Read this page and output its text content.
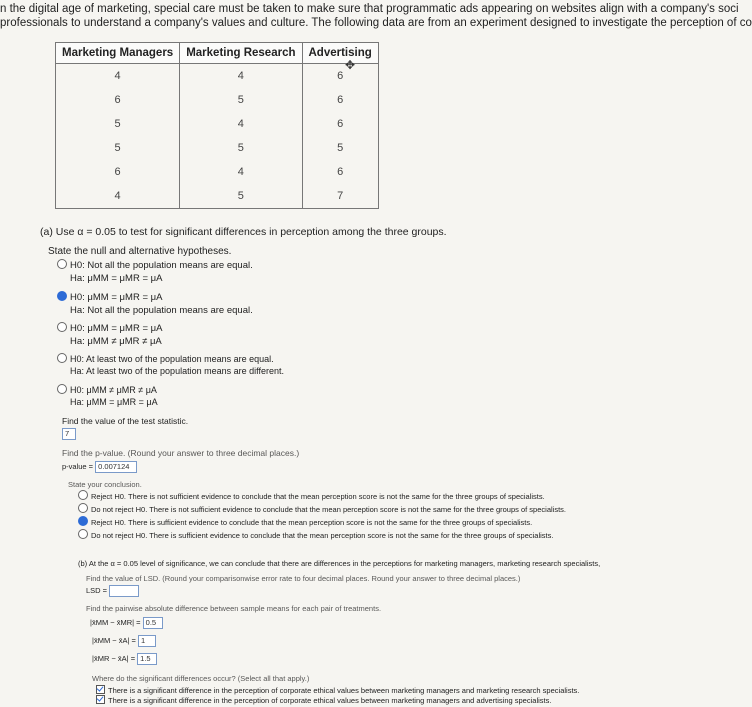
n the digital age of marketing, special care must be taken to make sure that programmatic ads appearing on websites align with a company's soci
professionals to understand a company's values and culture. The following data are from an experiment designed to investigate the perception of co
Marketing Managers	Marketing Research	Advertising
4	4	6
6	5	6
5	4	6
5	5	5
6	4	6
4	5	7
✥
(a) Use α = 0.05 to test for significant differences in perception among the three groups.
State the null and alternative hypotheses.
H0: Not all the population means are equal.
Ha: μMM = μMR = μA
H0: μMM = μMR = μA
Ha: Not all the population means are equal.
H0: μMM = μMR = μA
Ha: μMM ≠ μMR ≠ μA
H0: At least two of the population means are equal.
Ha: At least two of the population means are different.
H0: μMM ≠ μMR ≠ μA
Ha: μMM = μMR = μA
Find the value of the test statistic.
7
Find the p-value. (Round your answer to three decimal places.)
p-value = 0.007124
State your conclusion.
Reject H0. There is not sufficient evidence to conclude that the mean perception score is not the same for the three groups of specialists.
Do not reject H0. There is not sufficient evidence to conclude that the mean perception score is not the same for the three groups of specialists.
Reject H0. There is sufficient evidence to conclude that the mean perception score is not the same for the three groups of specialists.
Do not reject H0. There is sufficient evidence to conclude that the mean perception score is not the same for the three groups of specialists.
(b) At the α = 0.05 level of significance, we can conclude that there are differences in the perceptions for marketing managers, marketing research specialists,
Find the value of LSD. (Round your comparisonwise error rate to four decimal places. Round your answer to three decimal places.)
LSD =
Find the pairwise absolute difference between sample means for each pair of treatments.
|x̄MM − x̄MR| = 0.5
|x̄MM − x̄A| = 1
|x̄MR − x̄A| = 1.5
Where do the significant differences occur? (Select all that apply.)
There is a significant difference in the perception of corporate ethical values between marketing managers and marketing research specialists.
There is a significant difference in the perception of corporate ethical values between marketing managers and advertising specialists.
